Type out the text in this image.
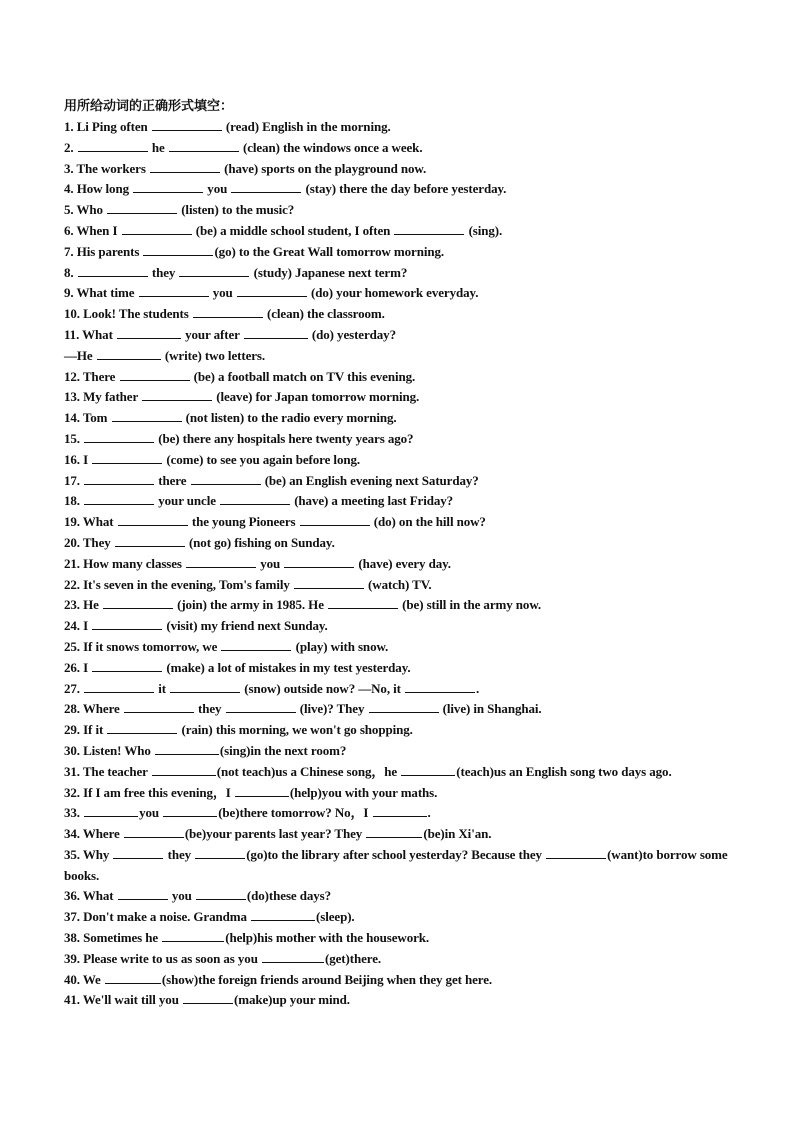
用所给动词的正确形式填空：
1. Li Ping often	(read) English in the morning.
2.	he	(clean) the windows once a week.
3. The workers	(have) sports on the playground now.
4. How long	you	(stay) there the day before yesterday.
5. Who	(listen) to the music?
6. When I	(be) a middle school student, I often	(sing).
7. His parents	(go) to the Great Wall tomorrow morning.
8.	they	(study) Japanese next term?
9. What time	you	(do) your homework everyday.
10. Look! The students	(clean) the classroom.
11. What	your after	(do) yesterday?
—He	(write) two letters.
12. There	(be) a football match on TV this evening.
13. My father	(leave) for Japan tomorrow morning.
14. Tom	(not listen) to the radio every morning.
15.	(be) there any hospitals here twenty years ago?
16. I	(come) to see you again before long.
17.	there	(be) an English evening next Saturday?
18.	your uncle	(have) a meeting last Friday?
19. What	the young Pioneers	(do) on the hill now?
20. They	(not go) fishing on Sunday.
21. How many classes	you	(have) every day.
22. It's seven in the evening, Tom's family	(watch) TV.
23. He	(join) the army in 1985. He	(be) still in the army now.
24. I	(visit) my friend next Sunday.
25. If it snows tomorrow, we	(play) with snow.
26. I	(make) a lot of mistakes in my test yesterday.
27.	it	(snow) outside now? —No, it	.
28. Where	they	(live)? They	(live) in Shanghai.
29. If it	(rain) this morning, we won't go shopping.
30. Listen! Who	(sing)in the next room?
31. The teacher	(not teach)us a Chinese song，he	(teach)us an English song two days ago.
32. If I am free this evening，I	(help)you with your maths.
33.	you	(be)there tomorrow? No，I	.
34. Where	(be)your parents last year? They	(be)in Xi'an.
35. Why	they	(go)to the library after school yesterday? Because they	(want)to borrow some books.
36. What	you	(do)these days?
37. Don't make a noise. Grandma	(sleep).
38. Sometimes he	(help)his mother with the housework.
39. Please write to us as soon as you	(get)there.
40. We	(show)the foreign friends around Beijing when they get here.
41. We'll wait till you	(make)up your mind.
